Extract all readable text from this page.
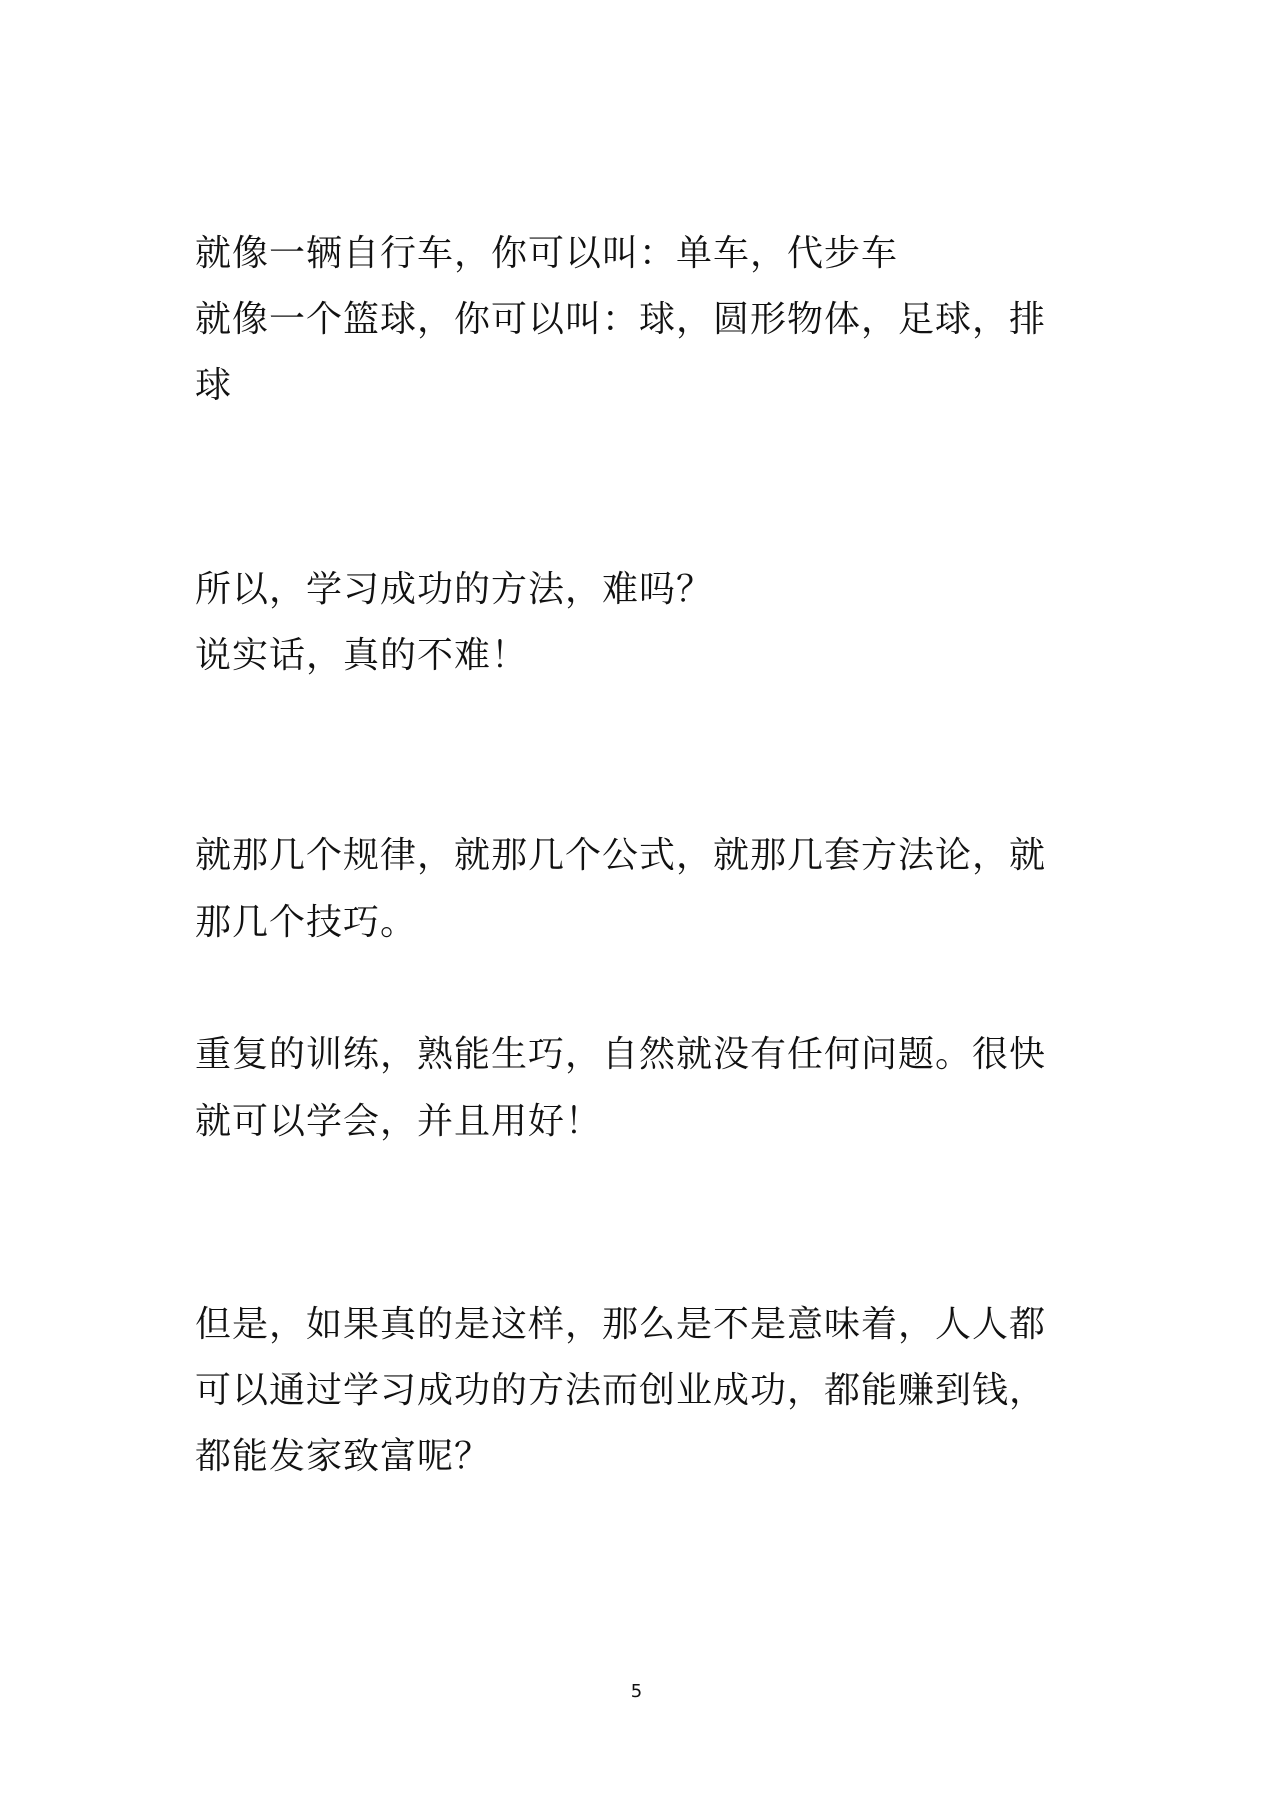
就像一辆自行车，你可以叫：单车，代步车
就像一个篮球，你可以叫：球，圆形物体，足球，排
球
所以，学习成功的方法，难吗？
说实话，真的不难！
就那几个规律，就那几个公式，就那几套方法论，就
那几个技巧。
重复的训练，熟能生巧，自然就没有任何问题。很快
就可以学会，并且用好！
但是，如果真的是这样，那么是不是意味着，人人都
可以通过学习成功的方法而创业成功，都能赚到钱，
都能发家致富呢？
5
